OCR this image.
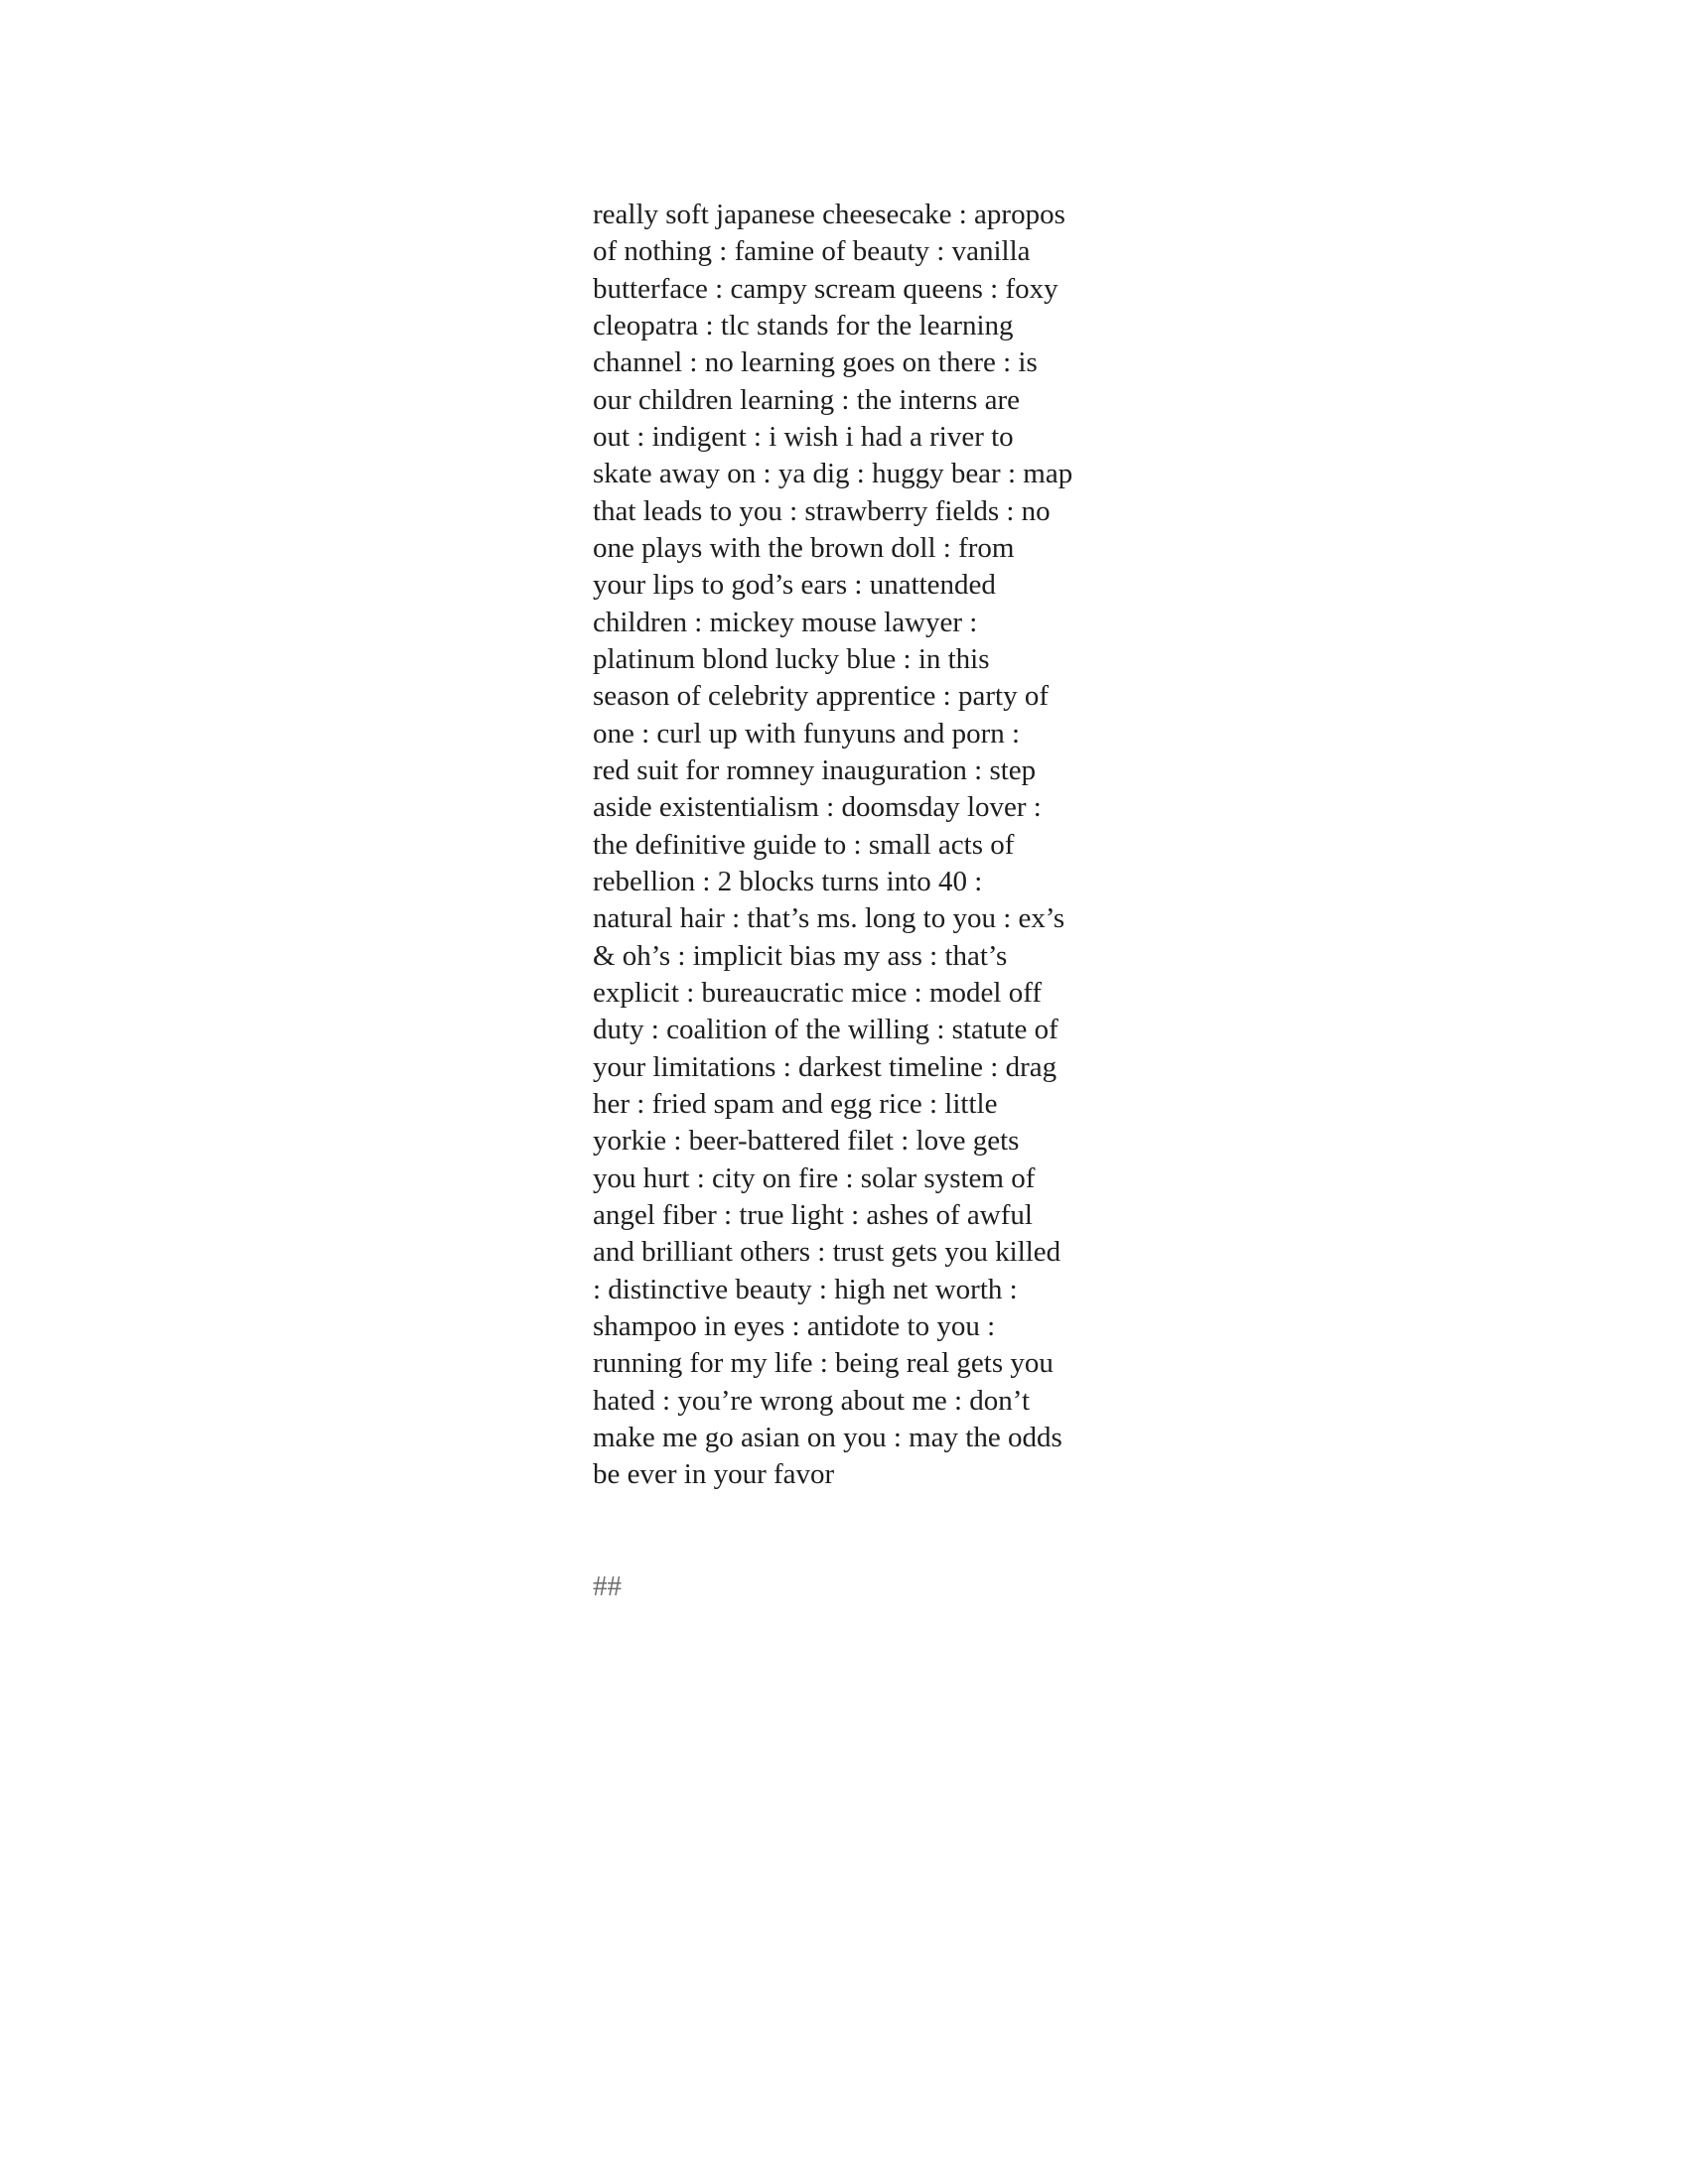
really soft japanese cheesecake : apropos
of nothing : famine of beauty : vanilla
butterface : campy scream queens : foxy
cleopatra : tlc stands for the learning
channel : no learning goes on there : is
our children learning : the interns are
out : indigent : i wish i had a river to
skate away on : ya dig : huggy bear : map
that leads to you : strawberry fields : no
one plays with the brown doll : from
your lips to god’s ears : unattended
children : mickey mouse lawyer :
platinum blond lucky blue : in this
season of celebrity apprentice : party of
one : curl up with funyuns and porn :
red suit for romney inauguration : step
aside existentialism : doomsday lover :
the definitive guide to : small acts of
rebellion : 2 blocks turns into 40 :
natural hair : that’s ms. long to you : ex’s
& oh’s : implicit bias my ass : that’s
explicit : bureaucratic mice : model off
duty : coalition of the willing : statute of
your limitations : darkest timeline : drag
her : fried spam and egg rice : little
yorkie : beer-battered filet : love gets
you hurt : city on fire : solar system of
angel fiber : true light : ashes of awful
and brilliant others : trust gets you killed
: distinctive beauty : high net worth :
shampoo in eyes : antidote to you :
running for my life : being real gets you
hated : you’re wrong about me : don’t
make me go asian on you : may the odds
be ever in your favor

##
